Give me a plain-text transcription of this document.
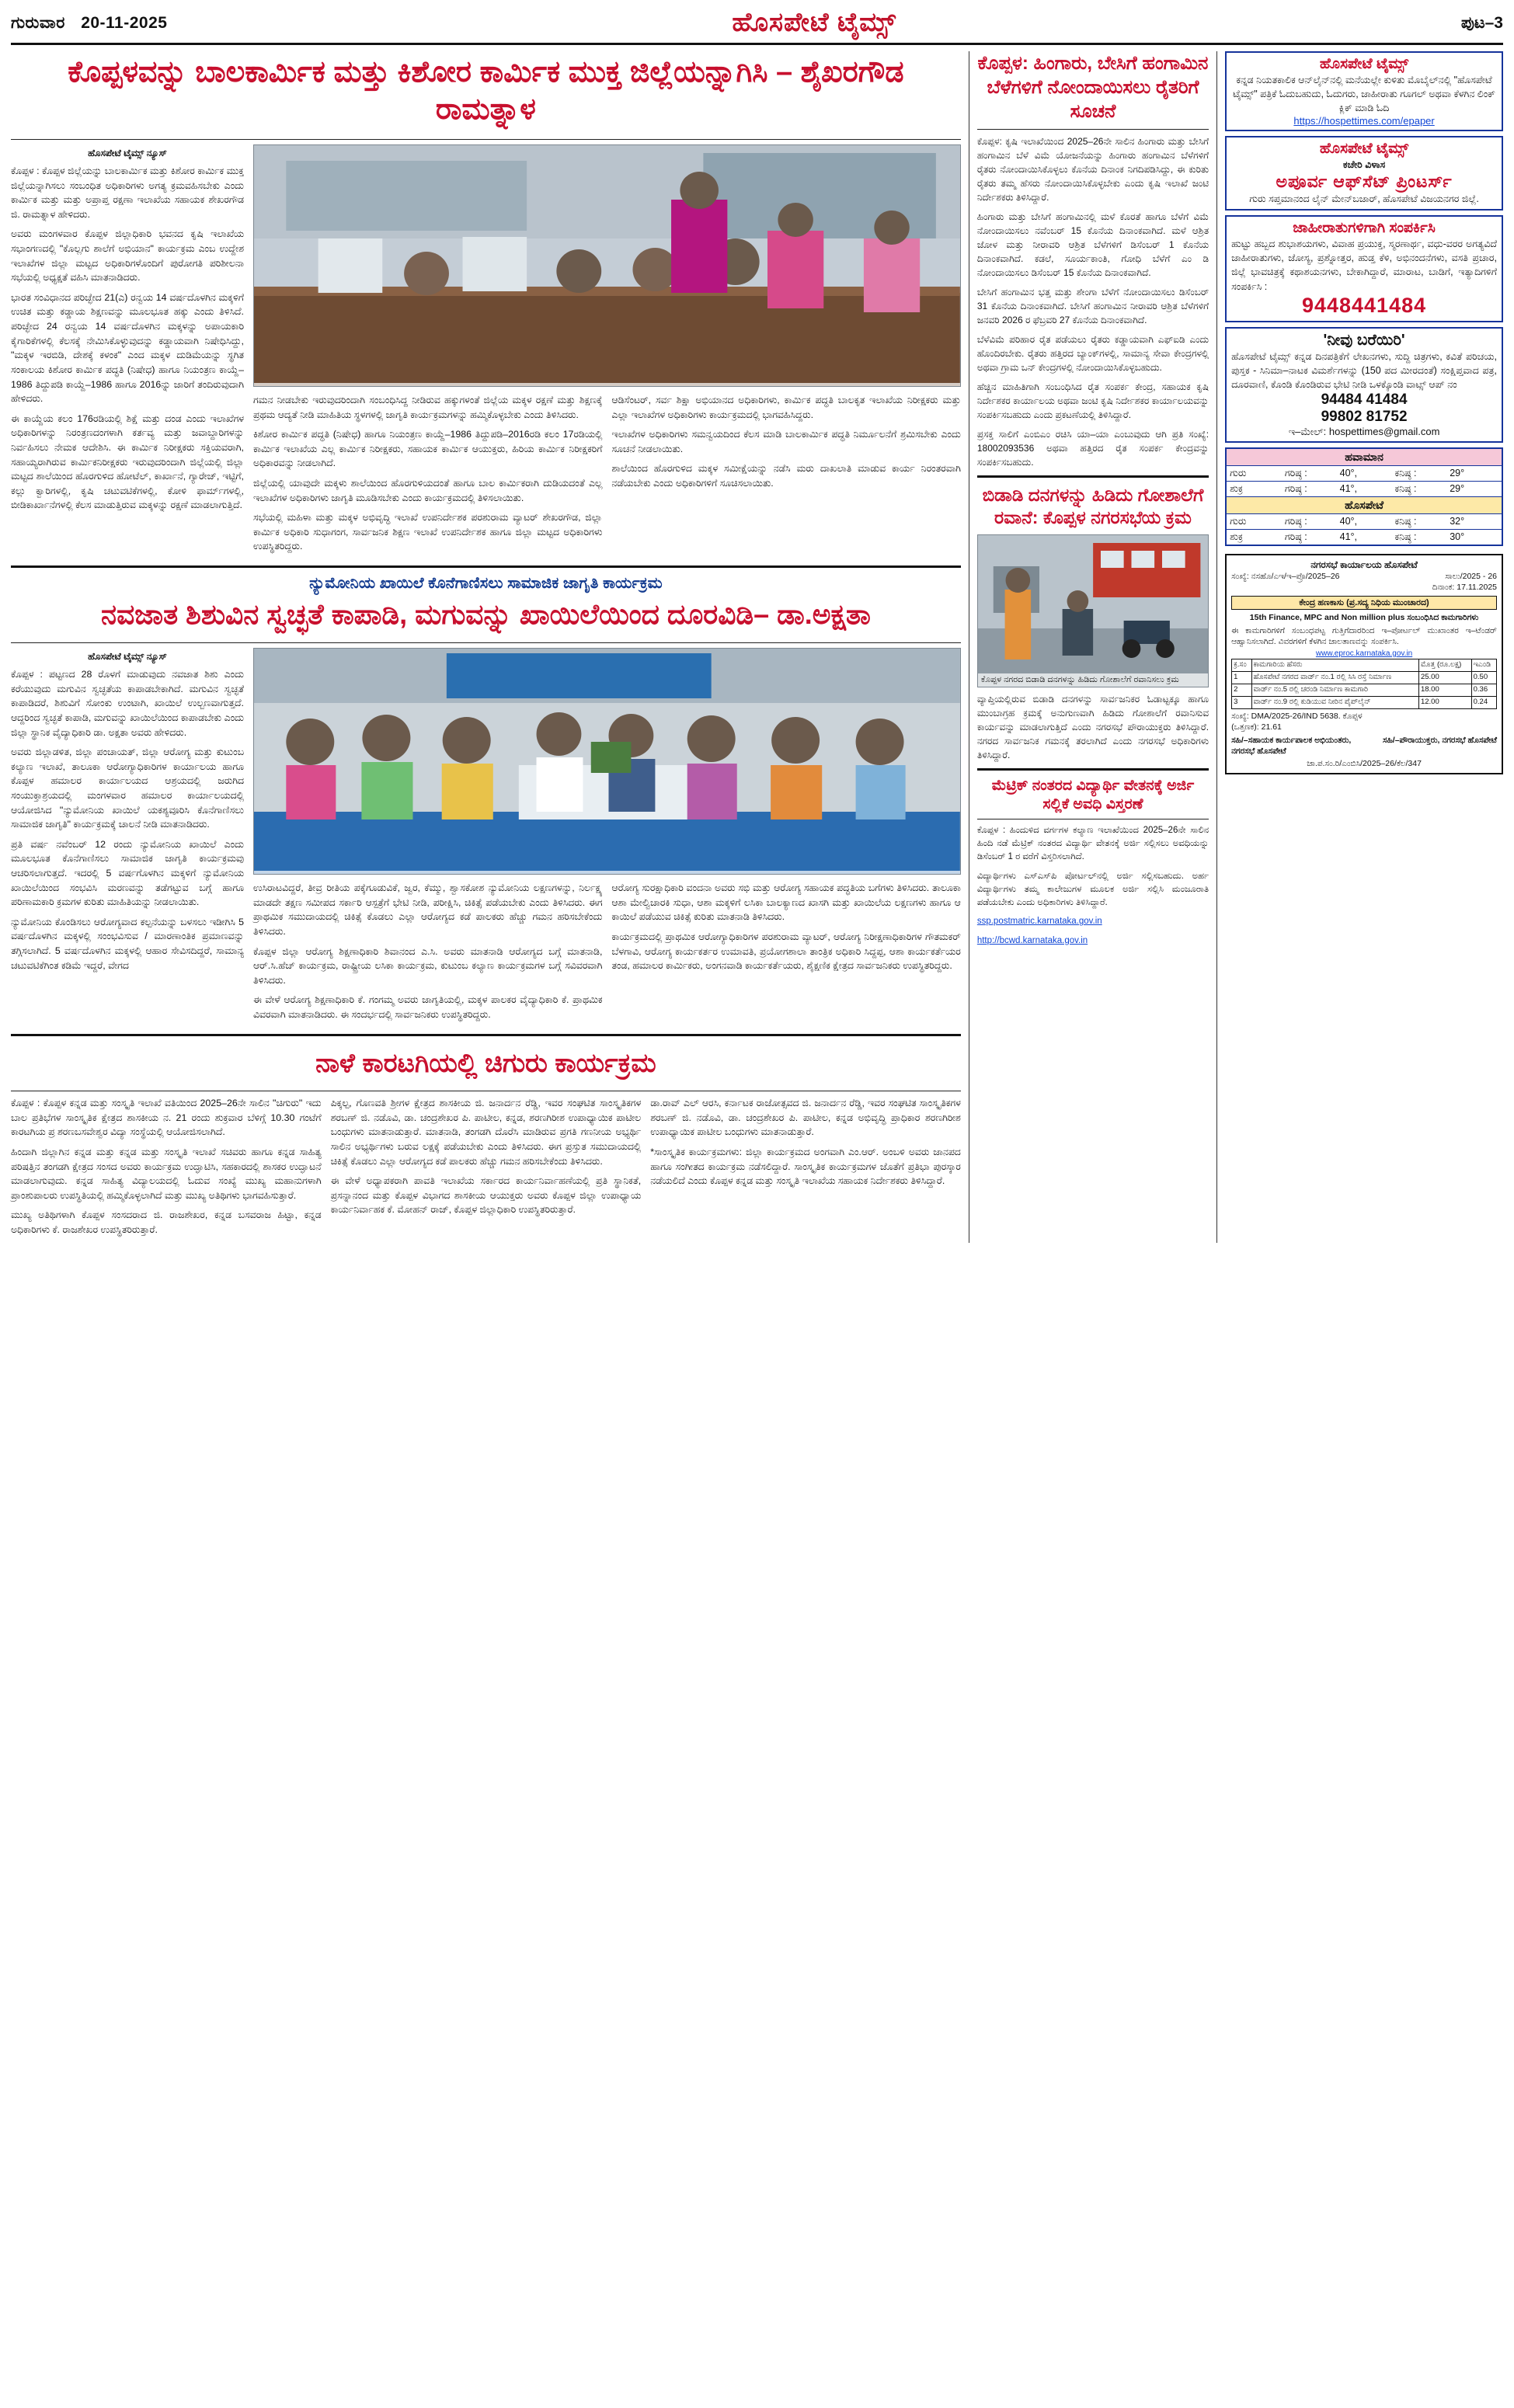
ಗುರುವಾರ 20-11-2025	ಹೊಸಪೇಟೆ ಟೈಮ್ಸ್	ಪುಟ–3
ಕೊಪ್ಪಳವನ್ನು ಬಾಲಕಾರ್ಮಿಕ ಮತ್ತು ಕಿಶೋರ ಕಾರ್ಮಿಕ ಮುಕ್ತ ಜಿಲ್ಲೆಯನ್ನಾಗಿಸಿ – ಶೈಖರಗೌಡ ರಾಮತ್ನಾಳ
ಹೊಸಪೇಟೆ ಟೈಮ್ಸ್ ನ್ಯೂಸ್

ಕೊಪ್ಪಳ : ಕೊಪ್ಪಳ ಜಿಲ್ಲೆಯನ್ನು ಬಾಲಕಾರ್ಮಿಕ ಮತ್ತು ಕಿಶೋರ ಕಾರ್ಮಿಕ ಮುಕ್ತ ಜಿಲ್ಲೆಯನ್ನಾಗಿಸಲು ಸಂಬಂಧಿತ ಅಧಿಕಾರಿಗಳು ಅಗತ್ಯ ಕ್ರಮವಹಿಸಬೇಕು ಎಂದು ಕಾರ್ಮಿಕ ಮತ್ತು ಮತ್ತು ಅಪ್ರಾಪ್ತ ರಕ್ಷಣಾ ಇಲಾಖೆಯ ಸಹಾಯಕ ಶೇಖರಗೌಡ ಜಿ. ರಾಮತ್ನಾಳ ಹೇಳಿದರು.

ಅವರು ಮಂಗಳವಾರ ಕೊಪ್ಪಳ ಜಿಲ್ಲಾಧಿಕಾರಿ ಭವನದ ಕೃಷಿ ಇಲಾಖೆಯ ಸಭಾಂಗಣದಲ್ಲಿ "ಕೊಲ್ಲಗು ಶಾಲೆಗೆ ಅಭಿಯಾನ" ಕಾರ್ಯಕ್ರಮ ಎಂಬ ಉದ್ದೇಶ ಇಲಾಖೆಗಳ ಜಿಲ್ಲಾ ಮಟ್ಟದ ಅಧಿಕಾರಿಗಳೊಂದಿಗೆ ಪುರೋಗತಿ ಪರಿಶೀಲನಾ ಸಭೆಯಲ್ಲಿ ಅಧ್ಯಕ್ಷತೆ ವಹಿಸಿ ಮಾತನಾಡಿದರು.

ಭಾರತ ಸಂವಿಧಾನದ ಪರಿಚ್ಛೇದ 21(ಎ) ರನ್ವಯ 14 ವರ್ಷದೊಳಗಿನ ಮಕ್ಕಳಿಗೆ ಉಚಿತ ಮತ್ತು ಕಡ್ಡಾಯ ಶಿಕ್ಷಣವನ್ನು ಮೂಲಭೂತ ಹಕ್ಕು ಎಂದು ತಿಳಿಸಿದೆ. ಪರಿಚ್ಛೇದ 24 ರನ್ವಯ 14 ವರ್ಷದೊಳಗಿನ ಮಕ್ಕಳನ್ನು ಅಪಾಯಕಾರಿ ಕೈಗಾರಿಕೆಗಳಲ್ಲಿ ಕೆಲಸಕ್ಕೆ ನೇಮಿಸಿಕೊಳ್ಳುವುದನ್ನು ಕಡ್ಡಾಯವಾಗಿ ನಿಷೇಧಿಸಿದ್ದು, "ಮಕ್ಕಳ ಇರಬಿಡಿ, ದೇಶಕ್ಕೆ ಕಳಂಕ" ಎಂದ ಮಕ್ಕಳ ದುಡಿಮೆಯನ್ನು ಸ್ಥಗಿತ ಸಂಕಾಲಯ ಕಿಶೋರ ಕಾರ್ಮಿಕ ಪದ್ಧತಿ (ನಿಷೇಧ) ಹಾಗೂ ನಿಯಂತ್ರಣ ಕಾಯ್ದೆ–1986 ತಿದ್ದುಪಡಿ ಕಾಯ್ದೆ–1986 ಹಾಗೂ 2016ನ್ನು ಜಾರಿಗೆ ತಂದಿರುವುದಾಗಿ ಹೇಳಿದರು.

ಈ ಕಾಯ್ದೆಯ ಕಲಂ 176ರಡಿಯಲ್ಲಿ ಶಿಕ್ಷೆ ಮತ್ತು ದಂಡ ಎಂದು ಇಲಾಖೆಗಳ ಅಧಿಕಾರಿಗಳನ್ನು ನಿರಂತ್ರಣದಂಗಳಾಗಿ ಕರ್ತವ್ಯ ಮತ್ತು ಜವಾಬ್ದಾರಿಗಳನ್ನು ನಿರ್ವಹಿಸಲು ನೇಮಕ ಆದೇಶಿಸಿ. ಈ ಕಾರ್ಮಿಕ ನಿರೀಕ್ಷಕರು ಸಕ್ತಿಯವರಾಗಿ, ಸಹಾಯ್ಯರಾಗಿರುವ ಕಾರ್ಮಿಕನಿರೀಕ್ಷಕರು ಇರುವುದರಿಂದಾಗಿ ಜಿಲ್ಲೆಯಲ್ಲಿ ಜಿಲ್ಲಾ ಮಟ್ಟದ ಶಾಲೆಯಿಂದ ಹೊರಗುಳಿದ ಹೋಟೆಲ್, ಕಾರ್ಖಾನೆ, ಗ್ಯಾರೇಜ್, ಇಟ್ಟಿಗೆ, ಕಲ್ಲು ಕ್ವಾರಿಗಳಲ್ಲಿ, ಕೃಷಿ ಚಟುವಟಿಕೆಗಳಲ್ಲಿ, ಕೋಳಿ ಫಾರ್ಮ್‌ಗಳಲ್ಲಿ, ಬೀಡಿಕಾರ್ಖಾನೆಗಳಲ್ಲಿ ಕೆಲಸ ಮಾಡುತ್ತಿರುವ ಮಕ್ಕಳನ್ನು ರಕ್ಷಣೆ ಮಾಡಲಾಗುತ್ತಿದೆ.

ಗಮನ ನೀಡಬೇಕು ಇರುವುದರಿಂದಾಗಿ ಸಂಬಂಧಿಸಿದ್ದ ನೀಡಿರುವ ಹಕ್ಕುಗಳಂತೆ ಜಿಲ್ಲೆಯ ಮಕ್ಕಳ ರಕ್ಷಣೆ ಮತ್ತು ಶಿಕ್ಷಣಕ್ಕೆ ಪ್ರಥಮ ಆದ್ಯತೆ ನೀಡಿ ಮಾಹಿತಿಯ ಸ್ಥಳಗಳಲ್ಲಿ ಜಾಗೃತಿ ಕಾರ್ಯಕ್ರಮಗಳನ್ನು ಹಮ್ಮಿಕೊಳ್ಳಬೇಕು ಎಂದು ತಿಳಿಸಿದರು.

ಕಿಶೋರ ಕಾರ್ಮಿಕ ಪದ್ಧತಿ (ನಿಷೇಧ) ಹಾಗೂ ನಿಯಂತ್ರಣ ಕಾಯ್ದೆ–1986 ತಿದ್ದುಪಡಿ–2016ರಡಿ ಕಲಂ 17ರಡಿಯಲ್ಲಿ ಕಾರ್ಮಿಕ ಇಲಾಖೆಯ ಎಲ್ಲ ಕಾರ್ಮಿಕ ನಿರೀಕ್ಷಕರು, ಸಹಾಯಕ ಕಾರ್ಮಿಕ ಆಯುಕ್ತರು, ಹಿರಿಯ ಕಾರ್ಮಿಕ ನಿರೀಕ್ಷಕರಿಗೆ ಅಧಿಕಾರವನ್ನು ನೀಡಲಾಗಿದೆ.

ಜಿಲ್ಲೆಯಲ್ಲಿ ಯಾವುದೇ ಮಕ್ಕಳು ಶಾಲೆಯಿಂದ ಹೊರಗುಳಿಯದಂತೆ ಹಾಗೂ ಬಾಲ ಕಾರ್ಮಿಕರಾಗಿ ದುಡಿಯದಂತೆ ಎಲ್ಲ ಇಲಾಖೆಗಳ ಅಧಿಕಾರಿಗಳು ಜಾಗೃತಿ ಮೂಡಿಸಬೇಕು ಎಂದು ಕಾರ್ಯಕ್ರಮದಲ್ಲಿ ತಿಳಿಸಲಾಯಿತು.

ಸಭೆಯಲ್ಲಿ ಮಹಿಳಾ ಮತ್ತು ಮಕ್ಕಳ ಅಭಿವೃದ್ಧಿ ಇಲಾಖೆ ಉಪನಿರ್ದೇಶಕ ಪರಶುರಾಮ ವ್ಯಾಟರ್ ಶೇಖರಗೌಡ, ಜಿಲ್ಲಾ ಕಾರ್ಮಿಕ ಅಧಿಕಾರಿ ಸುಧಾಗಂಗ, ಸಾರ್ವಜನಿಕ ಶಿಕ್ಷಣ ಇಲಾಖೆ ಉಪನಿರ್ದೇಶಕ ಹಾಗೂ ಜಿಲ್ಲಾ ಮಟ್ಟದ ಅಧಿಕಾರಿಗಳು ಉಪಸ್ಥಿತರಿದ್ದರು.

ಆಡಿಸೆಂಟರ್, ಸರ್ವ ಶಿಕ್ಷಾ ಅಭಿಯಾನದ ಅಧಿಕಾರಿಗಳು, ಕಾರ್ಮಿಕ ಪದ್ಧತಿ ಬಾಲಕೃತ ಇಲಾಖೆಯ ನಿರೀಕ್ಷಕರು ಮತ್ತು ಎಲ್ಲಾ ಇಲಾಖೆಗಳ ಅಧಿಕಾರಿಗಳು ಕಾರ್ಯಕ್ರಮದಲ್ಲಿ ಭಾಗವಹಿಸಿದ್ದರು.

ಇಲಾಖೆಗಳ ಅಧಿಕಾರಿಗಳು ಸಮನ್ವಯದಿಂದ ಕೆಲಸ ಮಾಡಿ ಬಾಲಕಾರ್ಮಿಕ ಪದ್ಧತಿ ನಿರ್ಮೂಲನೆಗೆ ಶ್ರಮಿಸಬೇಕು ಎಂದು ಸೂಚನೆ ನೀಡಲಾಯಿತು.

ಶಾಲೆಯಿಂದ ಹೊರಗುಳಿದ ಮಕ್ಕಳ ಸಮೀಕ್ಷೆಯನ್ನು ನಡೆಸಿ ಮರು ದಾಖಲಾತಿ ಮಾಡುವ ಕಾರ್ಯ ನಿರಂತರವಾಗಿ ನಡೆಯಬೇಕು ಎಂದು ಅಧಿಕಾರಿಗಳಿಗೆ ಸೂಚಿಸಲಾಯಿತು.

ನ್ಯುಮೋನಿಯ ಖಾಯಿಲೆ ಕೊನೆಗಾಣಿಸಲು ಸಾಮಾಜಿಕ ಜಾಗೃತಿ ಕಾರ್ಯಕ್ರಮ
ನವಜಾತ ಶಿಶುವಿನ ಸ್ವಚ್ಛತೆ ಕಾಪಾಡಿ, ಮಗುವನ್ನು ಖಾಯಿಲೆಯಿಂದ ದೂರವಿಡಿ– ಡಾ.ಅಕ್ಷತಾ
ಹೊಸಪೇಟೆ ಟೈಮ್ಸ್ ನ್ಯೂಸ್

ಕೊಪ್ಪಳ : ಪಟ್ಟಣದ 28 ರೊಳಗೆ ಮಾಡುವುದು ನವಜಾತ ಶಿಶು ಎಂದು ಕರೆಯುವುದು ಮಗುವಿನ ಸ್ವಚ್ಛತೆಯ ಕಾಪಾಡಬೇಕಾಗಿದೆ. ಮಗುವಿನ ಸ್ವಚ್ಛತೆ ಕಾಪಾಡಿದರೆ, ಶಿಶುವಿಗೆ ಸೋಂಕು ಉಂಟಾಗಿ, ಖಾಯಿಲೆ ಉಲ್ಬಣವಾಗುತ್ತದೆ. ಆದ್ದರಿಂದ ಸ್ವಚ್ಛತೆ ಕಾಪಾಡಿ, ಮಗುವನ್ನು ಖಾಯಿಲೆಯಿಂದ ಕಾಪಾಡಬೇಕು ಎಂದು ಜಿಲ್ಲಾ ಸ್ಥಾನಿಕ ವೈದ್ಯಾಧಿಕಾರಿ ಡಾ. ಅಕ್ಷತಾ ಅವರು ಹೇಳಿದರು.

ಅವರು ಜಿಲ್ಲಾಡಳಿತ, ಜಿಲ್ಲಾ ಪಂಚಾಯತ್, ಜಿಲ್ಲಾ ಆರೋಗ್ಯ ಮತ್ತು ಕುಟುಂಬ ಕಲ್ಯಾಣ ಇಲಾಖೆ, ತಾಲೂಕಾ ಆರೋಗ್ಯಾಧಿಕಾರಿಗಳ ಕಾರ್ಯಾಲಯ ಹಾಗೂ ಕೊಪ್ಪಳ ಹಮಾಲರ ಕಾರ್ಯಾಲಯದ ಆಶ್ರಯದಲ್ಲಿ ಜರುಗಿದ ಸಂಯುಕ್ತಾಶ್ರಯದಲ್ಲಿ ಮಂಗಳವಾರ ಹಮಾಲರ ಕಾರ್ಯಾಲಯದಲ್ಲಿ ಆಯೋಜಿಸಿದ "ನ್ಯುಮೋನಿಯ ಖಾಯಿಲೆ ಯಕಶ್ಯವೂರಿಸಿ ಕೊನೆಗಾಣಿಸಲು ಸಾಮಾಜಿಕ ಜಾಗೃತಿ" ಕಾರ್ಯಕ್ರಮಕ್ಕೆ ಚಾಲನೆ ನೀಡಿ ಮಾತನಾಡಿದರು.

ಪ್ರತಿ ವರ್ಷ ನವೆಂಬರ್ 12 ರಂದು ನ್ಯುಮೋನಿಯ ಖಾಯಿಲೆ ಎಂದು ಮೂಲಭೂತ ಕೊನೆಗಾಣಿಸಲು ಸಾಮಾಜಿಕ ಜಾಗೃತಿ ಕಾರ್ಯಕ್ರಮವು ಆಚರಿಸಲಾಗುತ್ತದೆ. ಇದರಲ್ಲಿ 5 ವರ್ಷಗೊಳಗಿನ ಮಕ್ಕಳಿಗೆ ನ್ಯುಮೋನಿಯ ಖಾಯಿಲೆಯಿಂದ ಸಂಭವಿಸಿ ಮರಣವನ್ನು ತಡೆಗಟ್ಟುವ ಬಗ್ಗೆ ಹಾಗೂ ಪರಿಣಾಮಕಾರಿ ಕ್ರಮಗಳ ಕುರಿತು ಮಾಹಿತಿಯನ್ನು ನೀಡಲಾಯಿತು.

ನ್ಯುಮೋನಿಯ ಕೊಂಡಿಸಲು ಆರೋಗ್ಯವಾದ ಕಲ್ಪನೆಯನ್ನು ಬಳಸಲು ಇಡೀಗಿಸಿ 5 ವರ್ಷದೊಳಗಿನ ಮಕ್ಕಳಲ್ಲಿ ಸಂಂಭವಿಸುವ / ಮಾರಣಾಂತಿಕ ಪ್ರಮಾಣವನ್ನು ತಗ್ಗಿಸಲಾಗಿದೆ. 5 ವರ್ಷದೊಳಗಿನ ಮಕ್ಕಳಲ್ಲಿ ಆಹಾರ ಸೇವಿಸದಿದ್ದರೆ, ಸಾಮಾನ್ಯ ಚಟುವಟಿಕೆಗಿಂತ ಕಡಿಮೆ ಇದ್ದರೆ, ವೇಗದ

ಉಸಿರಾಟವಿದ್ದರೆ, ತೀವ್ರ ರೀತಿಯ ಪಕ್ಕೆಗೂಡುವಿಕೆ, ಜ್ವರ, ಕೆಮ್ಮು, ಶ್ವಾಸಕೋಶ ನ್ಯುಮೋನಿಯ ಲಕ್ಷಣಗಳನ್ನು, ನಿರ್ಲಕ್ಷ್ಯ ಮಾಡದೇ ತಕ್ಷಣ ಸಮೀಪದ ಸರ್ಕಾರಿ ಆಸ್ಪತ್ರೆಗೆ ಭೇಟಿ ನೀಡಿ, ಪರೀಕ್ಷಿಸಿ, ಚಿಕಿತ್ಸೆ ಪಡೆಯಬೇಕು ಎಂದು ತಿಳಿಸಿದರು. ಈಗ ಪ್ರಾಥಮಿಕ ಸಮುದಾಯದಲ್ಲಿ ಚಿಕಿತ್ಸೆ ಕೊಡಲು ಎಲ್ಲಾ ಆರೋಗ್ಯದ ಕಡೆ ಪಾಲಕರು ಹೆಚ್ಚು ಗಮನ ಹರಿಸಬೇಕೆಂದು ತಿಳಿಸಿದರು.

ಕೊಪ್ಪಳ ಜಿಲ್ಲಾ ಆರೋಗ್ಯ ಶಿಕ್ಷಣಾಧಿಕಾರಿ ಶಿವಾನಂದ ಎ.ಸಿ. ಅವರು ಮಾತನಾಡಿ ಆರೋಗ್ಯದ ಬಗ್ಗೆ ಮಾತನಾಡಿ, ಆರ್.ಸಿ.ಹೆಚ್ ಕಾರ್ಯಕ್ರಮ, ರಾಷ್ಟ್ರೀಯ ಲಸಿಕಾ ಕಾರ್ಯಕ್ರಮ, ಕುಟುಂಬ ಕಲ್ಯಾಣ ಕಾರ್ಯಕ್ರಮಗಳ ಬಗ್ಗೆ ಸವಿವರವಾಗಿ ತಿಳಿಸಿದರು.

ಈ ವೇಳೆ ಆರೋಗ್ಯ ಶಿಕ್ಷಣಾಧಿಕಾರಿ ಕೆ. ಗಂಗಮ್ಮ ಅವರು ಜಾಗೃತಿಯಲ್ಲಿ, ಮಕ್ಕಳ ಪಾಲಕರ ವೈದ್ಯಾಧಿಕಾರಿ ಕೆ. ಪ್ರಾಥಮಿಕ ವಿವರವಾಗಿ ಮಾತನಾಡಿದರು. ಈ ಸಂದರ್ಭದಲ್ಲಿ ಸಾರ್ವಜನಿಕರು ಉಪಸ್ಥಿತರಿದ್ದರು.

ಆರೋಗ್ಯ ಸುರಕ್ಷಾಧಿಕಾರಿ ವಂದನಾ ಅವರು ಸಭಿ ಮತ್ತು ಆರೋಗ್ಯ ಸಹಾಯಕ ಪದ್ಧತಿಯ ಬಗೆಗಳು ತಿಳಿಸಿದರು. ತಾಲೂಕಾ ಆಶಾ ಮೇಲ್ವಿಚಾರಕಿ ಸುಧಾ, ಆಶಾ ಮಕ್ಕಳಿಗೆ ಲಸಿಕಾ ಬಾಲಕ್ಯಾಣದ ಖಾಸಗಿ ಮತ್ತು ಖಾಯಿಲೆಯ ಲಕ್ಷಣಗಳು ಹಾಗೂ ಆ ಕಾಯಿಲೆ ಪಡೆಯುವ ಚಿಕಿತ್ಸೆ ಕುರಿತು ಮಾತನಾಡಿ ತಿಳಿಸಿದರು.

ಕಾರ್ಯಕ್ರಮದಲ್ಲಿ ಪ್ರಾಥಮಿಕ ಆರೋಗ್ಯಾಧಿಕಾರಿಗಳ ಪರಶುರಾಮ ವ್ಯಾಟರ್, ಆರೋಗ್ಯ ನಿರೀಕ್ಷಣಾಧಿಕಾರಿಗಳ ಗೌತಮಕರ್ ಬೆಳಗಾವಿ, ಆರೋಗ್ಯ ಕಾರ್ಯಕರ್ತರ ಉಮಾವತಿ, ಪ್ರಯೋಗಶಾಲಾ ತಾಂತ್ರಿಕ ಅಧಿಕಾರಿ ಸಿದ್ದಪ್ಪ, ಆಶಾ ಕಾರ್ಯಕರ್ತೆಯರ ತಂಡ, ಹಮಾಲರ ಕಾರ್ಮಿಕರು, ಅಂಗನವಾಡಿ ಕಾರ್ಯಕರ್ತೆಯರು, ಶೈಕ್ಷಣಿಕ ಕ್ಷೇತ್ರದ ಸಾರ್ವಜನಿಕರು ಉಪಸ್ಥಿತರಿದ್ದರು.

ನಾಳೆ ಕಾರಟಗಿಯಲ್ಲಿ ಚಿಗುರು ಕಾರ್ಯಕ್ರಮ

ಕೊಪ್ಪಳ : ಕೊಪ್ಪಳ ಕನ್ನಡ ಮತ್ತು ಸಂಸ್ಕೃತಿ ಇಲಾಖೆ ವತಿಯಿಂದ 2025–26ನೇ ಸಾಲಿನ "ಚಿಗುರು" ಇದು ಬಾಲ ಪ್ರತಿಭೆಗಳ ಸಾಂಸ್ಕೃತಿಕ ಕ್ಷೇತ್ರದ ಶಾಸಕೀಯ ನ. 21 ರಂದು ಶುಕ್ರವಾರ ಬೆಳಿಗ್ಗೆ 10.30 ಗಂಟೆಗೆ ಕಾರಟಗಿಯ ಪ್ರ ಶರಣಬಸವೇಶ್ವರ ವಿದ್ಯಾ ಸಂಸ್ಥೆಯಲ್ಲಿ ಆಯೋಜಿಸಲಾಗಿದೆ.

ಹಿಂದಾಗಿ ಜಿಲ್ಲಾಗಿನ ಕನ್ನಡ ಮತ್ತು ಕನ್ನಡ ಮತ್ತು ಸಂಸ್ಕೃತಿ ಇಲಾಖೆ ಸಚಿವರು ಹಾಗೂ ಕನ್ನಡ ಸಾಹಿತ್ಯ ಪರಿಷತ್ತಿನ ತಂಗಡಗಿ ಕ್ಷೇತ್ರದ ಸಂಸದ ಅವರು ಕಾರ್ಯಕ್ರಮ ಉದ್ಘಾಟಿಸಿ, ಸಹಕಾರದಲ್ಲಿ ಶಾಸಕರ ಉದ್ಘಾಟನೆ ಮಾಡಲಾಗುವುದು. ಕನ್ನಡ ಸಾಹಿತ್ಯ ವಿದ್ಯಾಲಯದಲ್ಲಿ ಓದುವ ಸಂಖ್ಯೆ ಮುಖ್ಯ ಮಹಾನುಗಳಾಗಿ ಪ್ರಾಂಶುಪಾಲರು ಉಪಸ್ಥಿತಿಯಲ್ಲಿ ಹಮ್ಮಿಕೊಳ್ಳಲಾಗಿದೆ ಮತ್ತು ಮುಖ್ಯ ಅತಿಥಿಗಳು ಭಾಗವಹಿಸುತ್ತಾರೆ.

ಮುಖ್ಯ ಅತಿಥಿಗಳಾಗಿ ಕೊಪ್ಪಳ ಸಂಸದರಾದ ಜಿ. ರಾಜಶೇಖರ, ಕನ್ನಡ ಬಸವರಾಜ ಹಿಟ್ಟಾ, ಕನ್ನಡ ಅಧಿಕಾರಿಗಳು ಕೆ. ರಾಜಶೇಖರ ಉಪಸ್ಥಿತರಿರುತ್ತಾರೆ.

ಪಿಕ್ಕಲ್ಪ, ಗೊಣವತಿ ಶ್ರೀಗಳ ಕ್ಷೇತ್ರದ ಶಾಸಕೀಯ ಜಿ. ಜನಾರ್ದನ ರೆಡ್ಡಿ, ಇವರ ಸಂಘಟಿತ ಸಾಂಸ್ಕೃತಿಕಗಳ ಶರಬಣ್ ಜಿ. ನಡೊವಿ, ಡಾ. ಚಂದ್ರಶೇಖರ ಪಿ. ಪಾಟೀಲ, ಕನ್ನಡ, ಶರಣಗಿರೀಶ ಉಪಾಧ್ಯಾಯಿಕ ಪಾಟೀಲ ಬಂಧುಗಳು ಮಾತನಾಡುತ್ತಾರೆ. ಮಾತನಾಡಿ, ತಂಗಡಗಿ ದೊರೆಸಿ ಮಾಡಿರುವ ಪ್ರಗತಿ ಗಣನೀಯ ಅಭ್ಯರ್ಥಿ ಸಾಲಿನ ಅಭ್ಯರ್ಥಿಗಳು ಬರುವ ಲಕ್ಷಕ್ಕೆ ಪಡೆಯಬೇಕು ಎಂದು ತಿಳಿಸಿದರು. ಈಗ ಪ್ರಸ್ತುತ ಸಮುದಾಯದಲ್ಲಿ ಚಿಕಿತ್ಸೆ ಕೊಡಲು ಎಲ್ಲಾ ಆರೋಗ್ಯದ ಕಡೆ ಪಾಲಕರು ಹೆಚ್ಚು ಗಮನ ಹರಿಸಬೇಕೆಂದು ತಿಳಿಸಿದರು.

ಈ ವೇಳೆ ಅಧ್ಯಾಪಕರಾಗಿ ಪಾವತಿ ಇಲಾಖೆಯ ಸರ್ಕಾರದ ಕಾರ್ಯನಿರ್ವಾಹಣೆಯಲ್ಲಿ ಪ್ರತಿ ಸ್ಥಾನಿಕತೆ, ಪ್ರಸನ್ನಾನಂದ ಮತ್ತು ಕೊಪ್ಪಳ ವಿಭಾಗದ ಶಾಸಕೀಯ ಆಯುಕ್ತರು ಅವರು ಕೊಪ್ಪಳ ಜಿಲ್ಲಾ ಉಪಾಧ್ಯಾಯ ಕಾರ್ಯನಿರ್ವಾಹಕ ಕೆ. ಮೋಹನ್ ರಾಜ್, ಕೊಪ್ಪಳ ಜಿಲ್ಲಾಧಿಕಾರಿ ಉಪಸ್ಥಿತರಿರುತ್ತಾರೆ.

ಡಾ.ರಾವ್ ಎಲ್ ಆರಸಿ, ಕರ್ನಾಟಕ ರಾಜೋತ್ಸವದ ಜಿ. ಜನಾರ್ದನ ರೆಡ್ಡಿ, ಇವರ ಸಂಘಟಿತ ಸಾಂಸ್ಕೃತಿಕಗಳ ಶರಬಣ್ ಜಿ. ನಡೊವಿ, ಡಾ. ಚಂದ್ರಶೇಖರ ಪಿ. ಪಾಟೀಲ, ಕನ್ನಡ ಅಭಿವೃದ್ಧಿ ಪ್ರಾಧಿಕಾರ ಶರಣಗಿರೀಶ ಉಪಾಧ್ಯಾಯಿಕ ಪಾಟೀಲ ಬಂಧುಗಳು ಮಾತನಾಡುತ್ತಾರೆ.

*ಸಾಂಸ್ಕೃತಿಕ ಕಾರ್ಯಕ್ರಮಗಳು: ಜಿಲ್ಲಾ ಕಾರ್ಯಕ್ರಮದ ಅಂಗವಾಗಿ ಎಂ.ಆರ್. ಅಂಬಳಿ ಅವರು ಜಾನಪದ ಹಾಗೂ ಸಂಗೀತದ ಕಾರ್ಯಕ್ರಮ ನಡೆಸಲಿದ್ದಾರೆ. ಸಾಂಸ್ಕೃತಿಕ ಕಾರ್ಯಕ್ರಮಗಳ ಜೊತೆಗೆ ಪ್ರತಿಭಾ ಪುರಸ್ಕಾರ ನಡೆಯಲಿದೆ ಎಂದು ಕೊಪ್ಪಳ ಕನ್ನಡ ಮತ್ತು ಸಂಸ್ಕೃತಿ ಇಲಾಖೆಯ ಸಹಾಯಕ ನಿರ್ದೇಶಕರು ತಿಳಿಸಿದ್ದಾರೆ.

ಕೊಪ್ಪಳ: ಹಿಂಗಾರು, ಬೇಸಿಗೆ ಹಂಗಾಮಿನ ಬೆಳೆಗಳಿಗೆ ನೋಂದಾಯಿಸಲು ರೈತರಿಗೆ ಸೂಚನೆ

ಕೊಪ್ಪಳ: ಕೃಷಿ ಇಲಾಖೆಯಿಂದ 2025–26ನೇ ಸಾಲಿನ ಹಿಂಗಾರು ಮತ್ತು ಬೇಸಿಗೆ ಹಂಗಾಮಿನ ಬೆಳೆ ವಿಮೆ ಯೋಜನೆಯನ್ನು ಹಿಂಗಾರು ಹಂಗಾಮಿನ ಬೆಳೆಗಳಿಗೆ ರೈತರು ನೋಂದಾಯಿಸಿಕೊಳ್ಳಲು ಕೊನೆಯ ದಿನಾಂಕ ನಿಗದಿಪಡಿಸಿದ್ದು, ಈ ಕುರಿತು ರೈತರು ತಮ್ಮ ಹೆಸರು ನೋಂದಾಯಿಸಿಕೊಳ್ಳಬೇಕು ಎಂದು ಕೃಷಿ ಇಲಾಖೆ ಜಂಟಿ ನಿರ್ದೇಶಕರು ತಿಳಿಸಿದ್ದಾರೆ.

ಹಿಂಗಾರು ಮತ್ತು ಬೇಸಿಗೆ ಹಂಗಾಮಿನಲ್ಲಿ ಮಳೆ ಕೊರತೆ ಹಾಗೂ ಬೆಳೆಗೆ ವಿಮೆ ನೋಂದಾಯಿಸಲು ನವೆಂಬರ್ 15 ಕೊನೆಯ ದಿನಾಂಕವಾಗಿದೆ. ಮಳೆ ಆಶ್ರಿತ ಜೋಳ ಮತ್ತು ನೀರಾವರಿ ಆಶ್ರಿತ ಬೆಳೆಗಳಿಗೆ ಡಿಸೆಂಬರ್ 1 ಕೊನೆಯ ದಿನಾಂಕವಾಗಿದೆ. ಕಡಲೆ, ಸೂರ್ಯಕಾಂತಿ, ಗೋಧಿ ಬೆಳೆಗೆ ಎಂ ಡಿ ನೋಂದಾಯಿಸಲು ಡಿಸೆಂಬರ್ 15 ಕೊನೆಯ ದಿನಾಂಕವಾಗಿದೆ.

ಬೇಸಿಗೆ ಹಂಗಾಮಿನ ಭತ್ತ ಮತ್ತು ಶೇಂಗಾ ಬೆಳೆಗೆ ನೋಂದಾಯಿಸಲು ಡಿಸೆಂಬರ್ 31 ಕೊನೆಯ ದಿನಾಂಕವಾಗಿದೆ. ಬೇಸಿಗೆ ಹಂಗಾಮಿನ ನೀರಾವರಿ ಆಶ್ರಿತ ಬೆಳೆಗಳಿಗೆ ಜನವರಿ 2026 ರ ಫೆಬ್ರವರಿ 27 ಕೊನೆಯ ದಿನಾಂಕವಾಗಿದೆ.

ಬೆಳೆವಿಮೆ ಪರಿಹಾರ ರೈತ ಪಡೆಯಲು ರೈತರು ಕಡ್ಡಾಯವಾಗಿ ಎಫ್‌ಐಡಿ ಎಂದು ಹೊಂದಿರಬೇಕು. ರೈತರು ಹತ್ತಿರದ ಬ್ಯಾಂಕ್‌ಗಳಲ್ಲಿ, ಸಾಮಾನ್ಯ ಸೇವಾ ಕೇಂದ್ರಗಳಲ್ಲಿ ಅಥವಾ ಗ್ರಾಮ ಒನ್ ಕೇಂದ್ರಗಳಲ್ಲಿ ನೋಂದಾಯಿಸಿಕೊಳ್ಳಬಹುದು.

ಹೆಚ್ಚಿನ ಮಾಹಿತಿಗಾಗಿ ಸಂಬಂಧಿಸಿದ ರೈತ ಸಂಪರ್ಕ ಕೇಂದ್ರ, ಸಹಾಯಕ ಕೃಷಿ ನಿರ್ದೇಶಕರ ಕಾರ್ಯಾಲಯ ಅಥವಾ ಜಂಟಿ ಕೃಷಿ ನಿರ್ದೇಶಕರ ಕಾರ್ಯಾಲಯವನ್ನು ಸಂಪರ್ಕಿಸಬಹುದು ಎಂದು ಪ್ರಕಟಣೆಯಲ್ಲಿ ತಿಳಿಸಿದ್ದಾರೆ.

ಪ್ರಸಕ್ತ ಸಾಲಿಗೆ ಎಂಬಿಎಂ ರಚಿಸಿ ಯಾ–ಯಾ ಎಂಬುವುದು ಆಗಿ ಪ್ರತಿ ಸಂಖ್ಯೆ: 18002093536 ಅಥವಾ ಹತ್ತಿರದ ರೈತ ಸಂಪರ್ಕ ಕೇಂದ್ರವನ್ನು ಸಂಪರ್ಕಿಸಬಹುದು.

ಬಿಡಾಡಿ ದನಗಳನ್ನು ಹಿಡಿದು ಗೋಶಾಲೆಗೆ ರವಾನೆ: ಕೊಪ್ಪಳ ನಗರಸಭೆಯ ಕ್ರಮ
ಕೊಪ್ಪಳ ನಗರದ ಬಿಡಾಡಿ ದನಗಳನ್ನು ಹಿಡಿದು ಗೋಶಾಲೆಗೆ ರವಾನಿಸಲು ಕ್ರಮ

ವ್ಯಾಪ್ತಿಯಲ್ಲಿರುವ ಬಿಡಾಡಿ ದನಗಳನ್ನು ಸಾರ್ವಜನಿಕರ ಓಡಾಟ್ಟಕ್ಕೂ ಹಾಗೂ ಮುಂಬಾಗ್ರಹ ಕ್ರಮಕ್ಕೆ ಅನುಗುಣವಾಗಿ ಹಿಡಿದು ಗೋಶಾಲೆಗೆ ರವಾನಿಸುವ ಕಾರ್ಯವನ್ನು ಮಾಡಲಾಗುತ್ತಿದೆ ಎಂದು ನಗರಸಭೆ ಪೌರಾಯುಕ್ತರು ತಿಳಿಸಿದ್ದಾರೆ. ನಗರದ ಸಾರ್ವಜನಿಕ ಗಮನಕ್ಕೆ ತರಲಾಗಿದೆ ಎಂದು ನಗರಸಭೆ ಅಧಿಕಾರಿಗಳು ತಿಳಿಸಿದ್ದಾರೆ.

ಮೆಟ್ರಿಕ್ ನಂತರದ ವಿದ್ಯಾರ್ಥಿ ವೇತನಕ್ಕೆ ಅರ್ಜಿ ಸಲ್ಲಿಕೆ ಅವಧಿ ವಿಸ್ತರಣೆ

ಕೊಪ್ಪಳ : ಹಿಂದುಳಿದ ವರ್ಗಗಳ ಕಲ್ಯಾಣ ಇಲಾಖೆಯಿಂದ 2025–26ನೇ ಸಾಲಿನ ಹಿಂದಿ ನಡೆ ಮೆಟ್ರಿಕ್ ನಂತರದ ವಿದ್ಯಾರ್ಥಿ ವೇತನಕ್ಕೆ ಅರ್ಜಿ ಸಲ್ಲಿಸಲು ಅವಧಿಯನ್ನು ಡಿಸೆಂಬರ್ 1 ರ ವರೆಗೆ ವಿಸ್ತರಿಸಲಾಗಿದೆ.

ವಿದ್ಯಾರ್ಥಿಗಳು ಎಸ್‌ಎಸ್‌ಪಿ ಪೋರ್ಟಲ್‌ನಲ್ಲಿ ಅರ್ಜಿ ಸಲ್ಲಿಸಬಹುದು. ಅರ್ಹ ವಿದ್ಯಾರ್ಥಿಗಳು ತಮ್ಮ ಕಾಲೇಜುಗಳ ಮೂಲಕ ಅರ್ಜಿ ಸಲ್ಲಿಸಿ ಮಂಜೂರಾತಿ ಪಡೆಯಬೇಕು ಎಂದು ಅಧಿಕಾರಿಗಳು ತಿಳಿಸಿದ್ದಾರೆ.

ssp.postmatric.karnataka.gov.in

http://bcwd.karnataka.gov.in

ಹೊಸಪೇಟೆ ಟೈಮ್ಸ್
ಕನ್ನಡ ನಿಯತಕಾಲಿಕ ಆನ್‌ಲೈನ್‌ನಲ್ಲಿ ಮನೆಯಲ್ಲೇ ಕುಳಿತು ಮೊಬೈಲ್‌ನಲ್ಲಿ "ಹೊಸಪೇಟೆ ಟೈಮ್ಸ್" ಪತ್ರಿಕೆ ಓದುಬಹುದು, ಓದುಗರು, ಜಾಹೀರಾತು ಗೂಗಲ್ ಅಥವಾ ಕೆಳಗಿನ ಲಿಂಕ್ ಕ್ಲಿಕ್ ಮಾಡಿ ಓದಿ
https://hospettimes.com/epaper
ಹೊಸಪೇಟೆ ಟೈಮ್ಸ್
ಕಚೇರಿ ವಿಳಾಸ
ಅಪೂರ್ವ ಆಫ್‌ಸೆಟ್ ಪ್ರಿಂಟರ್ಸ್
ಗುರು ಸಪ್ತಮಾನಂದ ಲೈನ್ ಮೇನ್‌ಬಜಾರ್, ಹೊಸಪೇಟೆ ವಿಜಯನಗರ ಜಿಲ್ಲೆ.
ಜಾಹೀರಾತುಗಳಿಗಾಗಿ ಸಂಪರ್ಕಿಸಿ
ಹುಟ್ಟು ಹಬ್ಬದ ಶುಭಾಶಯಗಳು, ವಿವಾಹ ಪ್ರಯುಕ್ತ, ಸ್ಮರಣಾರ್ಥ, ವಧು-ವರರ ಅಗತ್ಯವಿದೆ ಜಾಹೀರಾತುಗಳು, ಜೋಸ್ಯ, ಪ್ರಶ್ನೋತ್ತರ, ಹುಡ್ತ ಕೆಳಿ, ಅಭಿನಂದನೆಗಳು, ವಸತಿ ಪ್ರಚಾರ, ಜಿಲ್ಲೆ ಭಾವಚಿತ್ರಕ್ಕೆ ಕಥಾಶಯನಗಳು, ಬೇಕಾಗಿದ್ದಾರೆ, ಮಾರಾಟ, ಬಾಡಿಗೆ, ಇತ್ಯಾದಿಗಳಿಗೆ ಸಂಪರ್ಕಿಸಿ :
9448441484
'ನೀವು ಬರೆಯಿರಿ'
ಹೊಸಪೇಟೆ ಟೈಮ್ಸ್ ಕನ್ನಡ ದಿನಪತ್ರಿಕೆಗೆ ಲೇಖನಗಳು, ಸುದ್ದಿ ಚಿತ್ರಗಳು, ಕವಿತೆ ಪರಿಚಯ, ಪುಸ್ತಕ - ಸಿನಿಮಾ–ನಾಟಕ ವಿಮರ್ಶೆಗಳನ್ನು (150 ಪದ ಮೀರದಂತೆ) ಸಂಕ್ಷಿಪ್ತವಾದ ಪತ್ರ, ದೂರವಾಣಿ, ಕೊಂಡಿ ಕೊಂಡಿರುವ ಭೇಟಿ ನೀಡಿ ಒಳಕ್ಕೊಂಡಿ ವಾಟ್ಸ್ ಆಪ್ ನಂ
94484 41484
99802 81752
ಇ–ಮೇಲ್: hospettimes@gmail.com
ಹವಾಮಾನ
ಗುರು	ಗರಿಷ್ಠ :	40°,	ಕನಿಷ್ಠ :	29°
ಶುಕ್ರ	ಗರಿಷ್ಠ :	41°,	ಕನಿಷ್ಠ :	29°
ಹೊಸಪೇಟೆ
ಗುರು	ಗರಿಷ್ಠ :	40°,	ಕನಿಷ್ಠ :	32°
ಶುಕ್ರ	ಗರಿಷ್ಠ :	41°,	ಕನಿಷ್ಠ :	30°
ನಗರಸಭೆ ಕಾರ್ಯಾಲಯ ಹೊಸಪೇಟೆ
ಸಂಖ್ಯೆ: ನಸಹೊ/ಎಇ/ಇ–ಪ್ರೊ/2025–26	ಸಾಲು/2025 - 26
ದಿನಾಂಕ: 17.11.2025
ಕೇಂದ್ರ ಹಣಕಾಸು (ಪ್ರ.ಸದ್ಯ ನಿಧಿಯ ಮುಂಚಾರದ)
15th Finance, MPC and Non million plus ಸಂಬಂಧಿಸಿದ ಕಾಮಗಾರಿಗಳು
ಈ ಕಾಮಗಾರಿಗಳಿಗೆ ಸಂಬಂಧಪಟ್ಟ ಗುತ್ತಿಗೆದಾರರಿಂದ ಇ–ಪೋರ್ಟಲ್ ಮುಖಾಂತರ ಇ–ಟೆಂಡರ್ ಆಹ್ವಾನಿಸಲಾಗಿದೆ. ವಿವರಗಳಿಗೆ ಕೆಳಗಿನ ಜಾಲತಾಣವನ್ನು ಸಂಪರ್ಕಿಸಿ.
www.eproc.karnataka.gov.in
ಕ್ರ.ಸಂ	ಕಾಮಗಾರಿಯ ಹೆಸರು	ಮೊತ್ತ (ರೂ.ಲಕ್ಷ)	ಇಎಂಡಿ
1	ಹೊಸಪೇಟೆ ನಗರದ ವಾರ್ಡ್ ನಂ.1 ರಲ್ಲಿ ಸಿಸಿ ರಸ್ತೆ ನಿರ್ಮಾಣ	25.00	0.50
2	ವಾರ್ಡ್ ನಂ.5 ರಲ್ಲಿ ಚರಂಡಿ ನಿರ್ಮಾಣ ಕಾಮಗಾರಿ	18.00	0.36
3	ವಾರ್ಡ್ ನಂ.9 ರಲ್ಲಿ ಕುಡಿಯುವ ನೀರಿನ ಪೈಪ್‌ಲೈನ್	12.00	0.24
ಸಂಖ್ಯೆ: DMA/2025-26/IND 5638. ಕೊಪ್ಪಳ
(ಒತ್ತಣಕ): 21.61
ಸಹಿ/–ಸಹಾಯಕ ಕಾರ್ಯಪಾಲಕ ಅಭಿಯಂತರು, ನಗರಸಭೆ ಹೊಸಪೇಟೆ
ಸಹಿ/–ಪೌರಾಯುಕ್ತರು, ನಗರಸಭೆ ಹೊಸಪೇಟೆ
ಜಾ.ಪ.ಸಂ.ರಿ/ಎಂಬಿಸಿ/2025–26/ಕೆಲ/347
